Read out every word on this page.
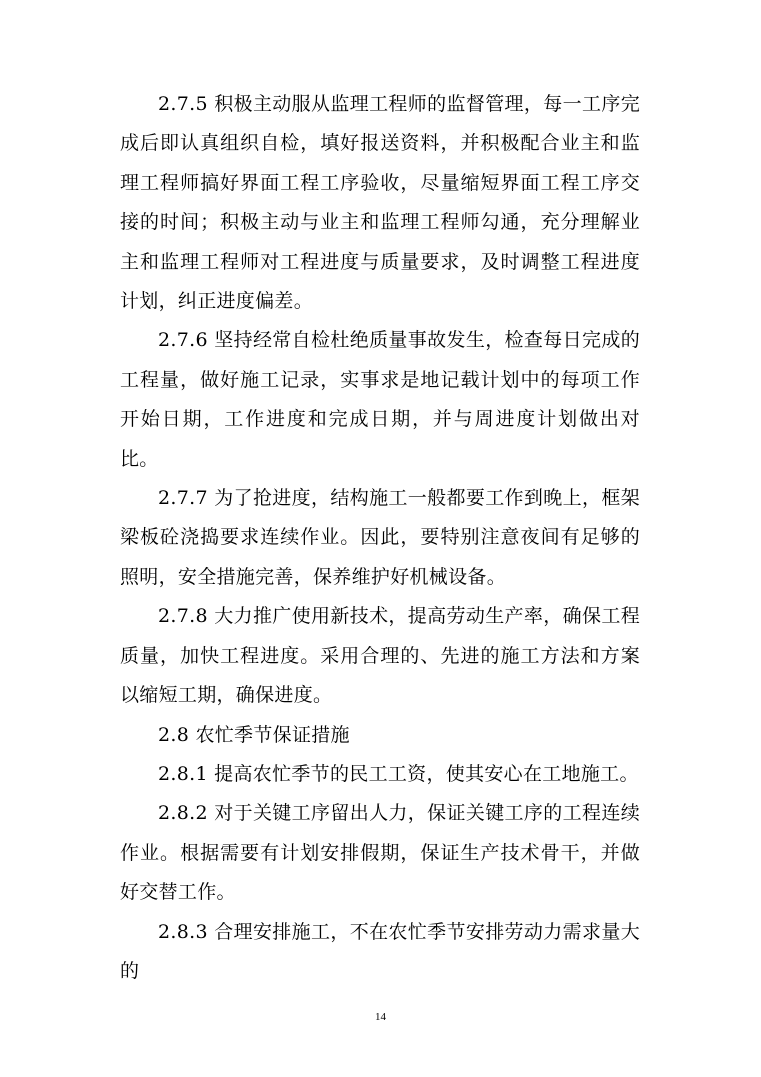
2.7.5 积极主动服从监理工程师的监督管理，每一工序完成后即认真组织自检，填好报送资料，并积极配合业主和监理工程师搞好界面工程工序验收，尽量缩短界面工程工序交接的时间；积极主动与业主和监理工程师勾通，充分理解业主和监理工程师对工程进度与质量要求，及时调整工程进度计划，纠正进度偏差。

2.7.6 坚持经常自检杜绝质量事故发生，检查每日完成的工程量，做好施工记录，实事求是地记载计划中的每项工作开始日期，工作进度和完成日期，并与周进度计划做出对比。

2.7.7 为了抢进度，结构施工一般都要工作到晚上，框架梁板砼浇捣要求连续作业。因此，要特别注意夜间有足够的照明，安全措施完善，保养维护好机械设备。

2.7.8 大力推广使用新技术，提高劳动生产率，确保工程质量，加快工程进度。采用合理的、先进的施工方法和方案以缩短工期，确保进度。

2.8 农忙季节保证措施

2.8.1 提高农忙季节的民工工资，使其安心在工地施工。

2.8.2 对于关键工序留出人力，保证关键工序的工程连续作业。根据需要有计划安排假期，保证生产技术骨干，并做好交替工作。

2.8.3 合理安排施工，不在农忙季节安排劳动力需求量大的

14
